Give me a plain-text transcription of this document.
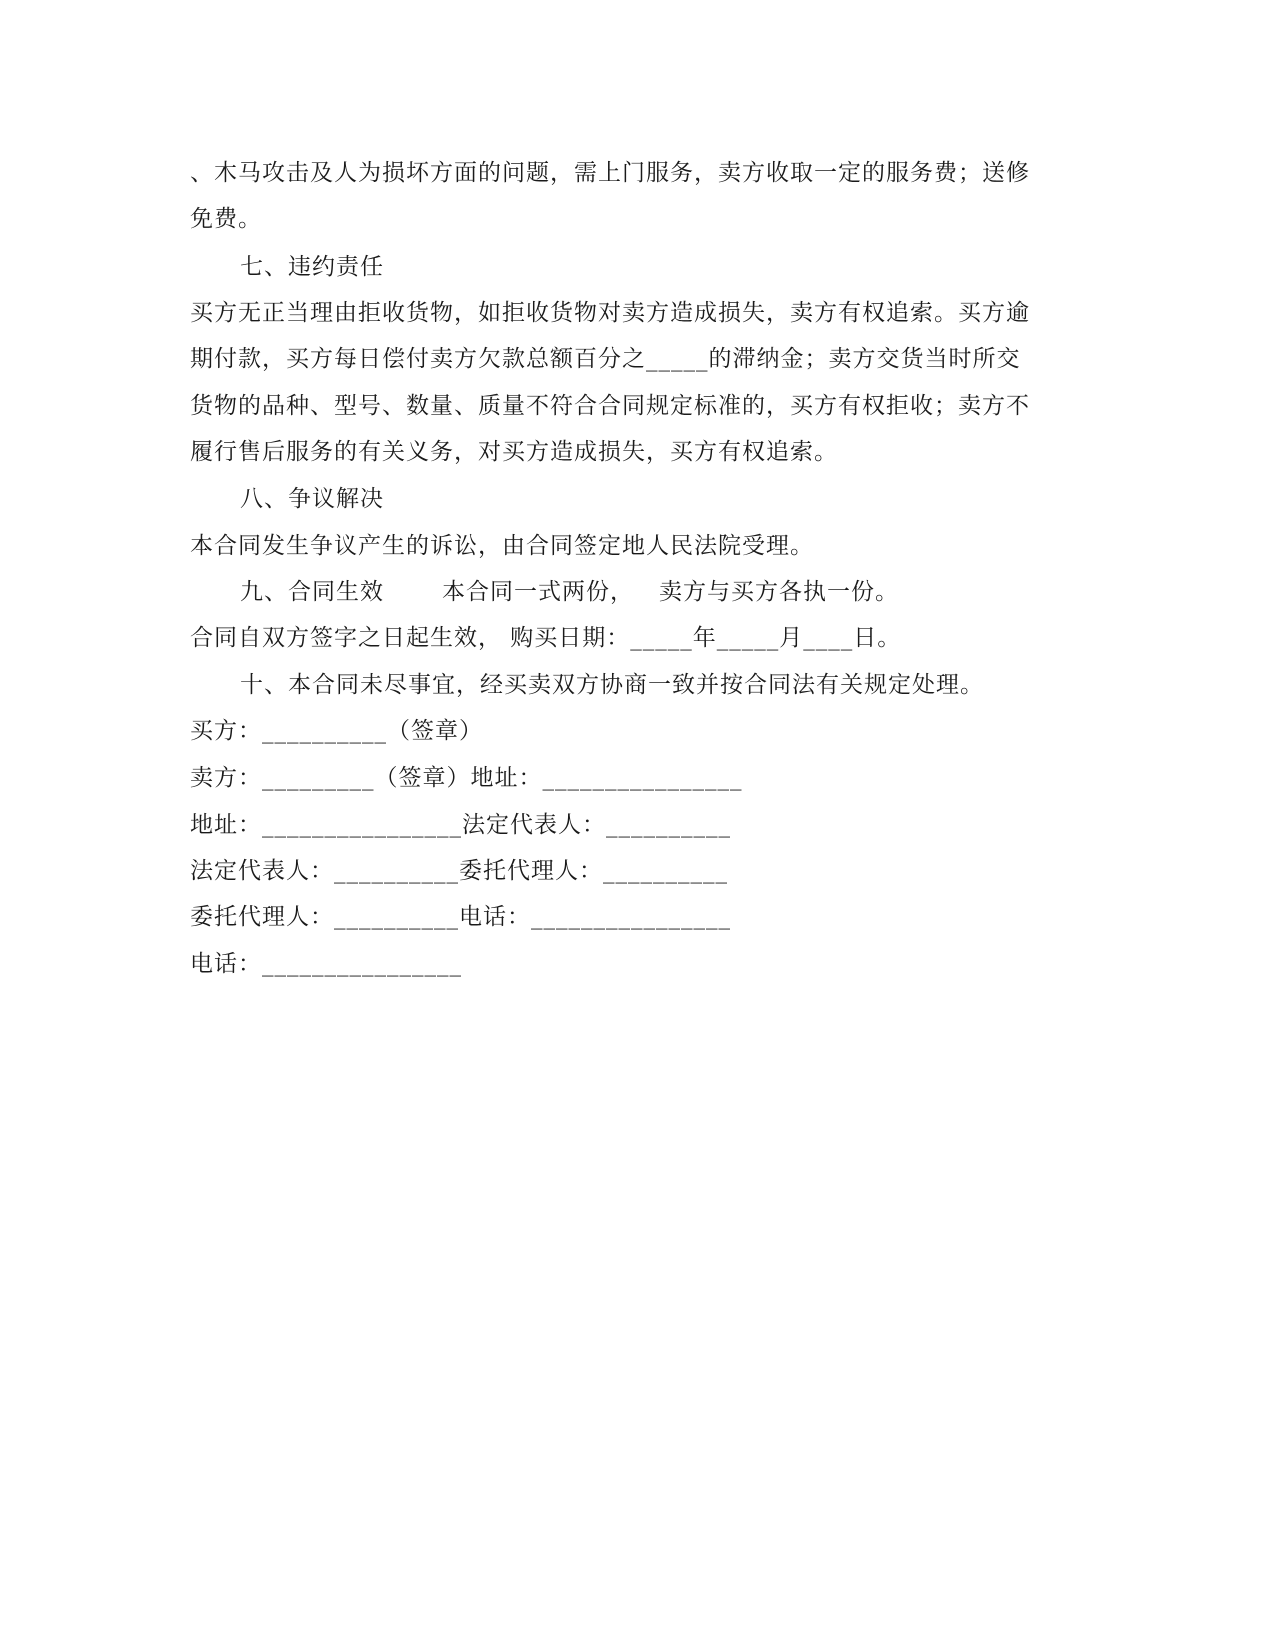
、木马攻击及人为损坏方面的问题，需上门服务，卖方收取一定的服务费；送修
免费。
七、违约责任
买方无正当理由拒收货物，如拒收货物对卖方造成损失，卖方有权追索。买方逾
期付款，买方每日偿付卖方欠款总额百分之_____的滞纳金；卖方交货当时所交
货物的品种、型号、数量、质量不符合合同规定标准的，买方有权拒收；卖方不
履行售后服务的有关义务，对买方造成损失，买方有权追索。
八、争议解决
本合同发生争议产生的诉讼，由合同签定地人民法院受理。
九、合同生效	本合同一式两份， 卖方与买方各执一份。
合同自双方签字之日起生效， 购买日期：_____年_____月____日。
十、本合同未尽事宜，经买卖双方协商一致并按合同法有关规定处理。
买方：__________（签章）
卖方：_________（签章）地址：________________
地址：________________法定代表人：__________
法定代表人：__________委托代理人：__________
委托代理人：__________电话：________________
电话：________________
